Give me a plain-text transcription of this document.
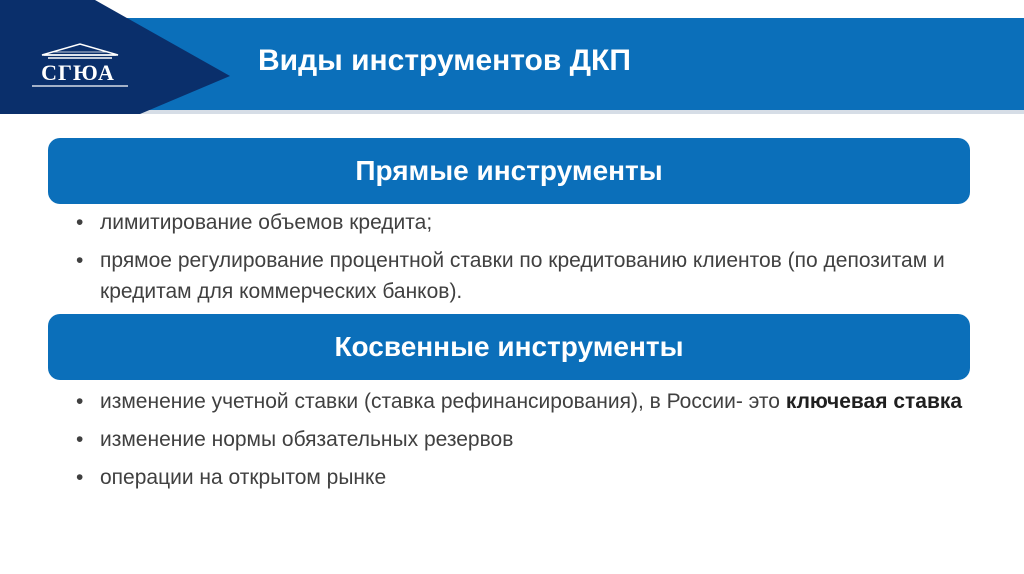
СГЮА	Виды инструментов ДКП
Прямые инструменты
• лимитирование объемов кредита;
• прямое регулирование процентной ставки по кредитованию клиентов (по депозитам и кредитам для коммерческих банков).
Косвенные инструменты
• изменение учетной ставки (ставка рефинансирования), в России- это ключевая ставка
• изменение нормы обязательных резервов
• операции на открытом рынке
